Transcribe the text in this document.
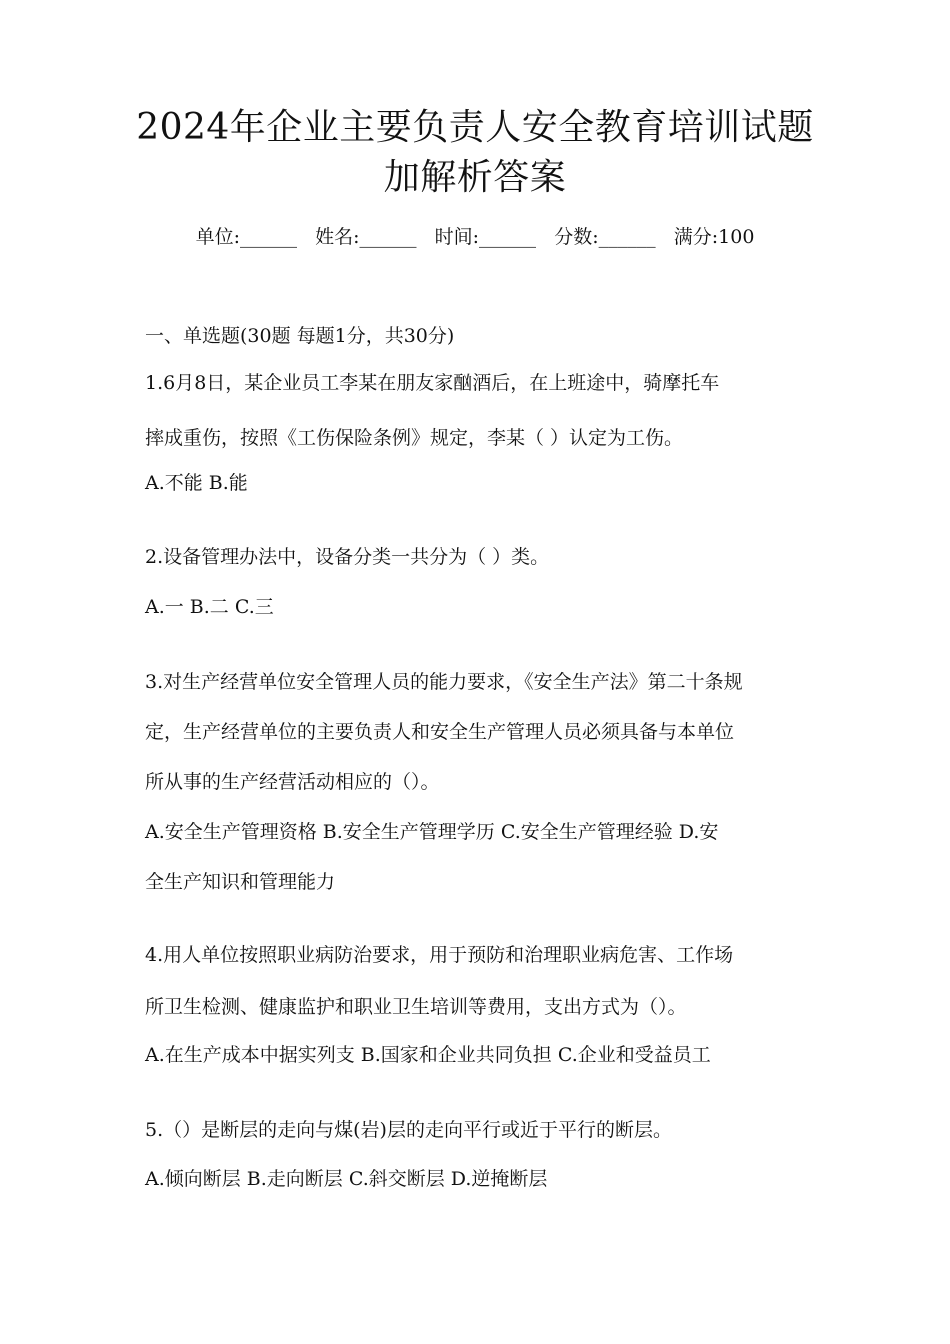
2024年企业主要负责人安全教育培训试题
加解析答案
单位:______ 姓名:______ 时间:______ 分数:______ 满分:100
一、单选题(30题 每题1分，共30分)
1.6月8日，某企业员工李某在朋友家酗酒后，在上班途中，骑摩托车
摔成重伤，按照《工伤保险条例》规定，李某（ ）认定为工伤。
A.不能 B.能
2.设备管理办法中，设备分类一共分为（ ）类。
A.一 B.二 C.三
3.对生产经营单位安全管理人员的能力要求，《安全生产法》第二十条规
定，生产经营单位的主要负责人和安全生产管理人员必须具备与本单位
所从事的生产经营活动相应的（）。
A.安全生产管理资格 B.安全生产管理学历 C.安全生产管理经验 D.安
全生产知识和管理能力
4.用人单位按照职业病防治要求，用于预防和治理职业病危害、工作场
所卫生检测、健康监护和职业卫生培训等费用，支出方式为（）。
A.在生产成本中据实列支 B.国家和企业共同负担 C.企业和受益员工
5.（）是断层的走向与煤(岩)层的走向平行或近于平行的断层。
A.倾向断层 B.走向断层 C.斜交断层 D.逆掩断层
